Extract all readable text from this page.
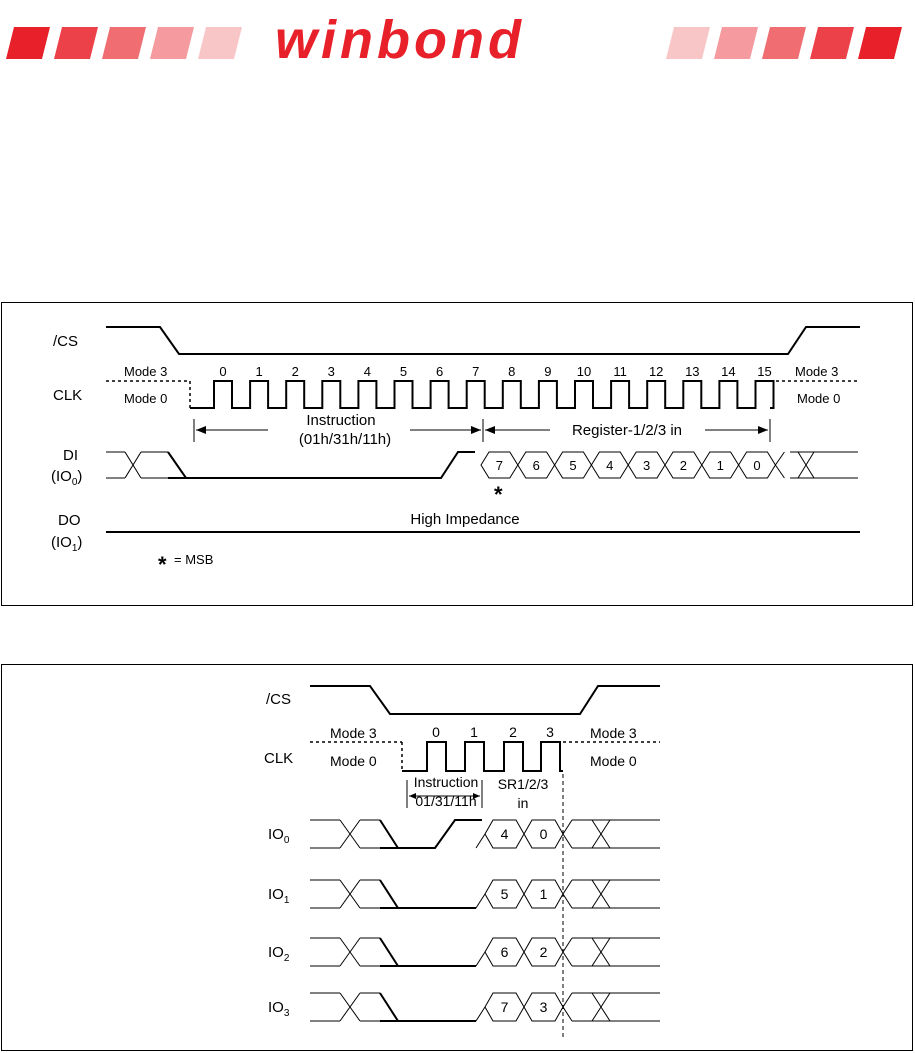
winbond
/CS
CLK
DI
$(IO_0)$
DO
$(IO_1)$
Mode 3
Mode 0
Mode 3
Mode 0
0 1 2 3 4 5 6 7 8 9 10 11 12 13 14 15
Instruction
(01h/31h/11h)
Register-1/2/3 in
7 6 5 4 3 2 1 0
*
High Impedance
* = MSB
/CS
CLK
Mode 3
Mode 0
Mode 3
Mode 0
0 1 2 3
Instruction
01/31/11h
SR1/2/3
in
$IO_0$	4 0
$IO_1$	5 1
$IO_2$	6 2
$IO_3$	7 3
